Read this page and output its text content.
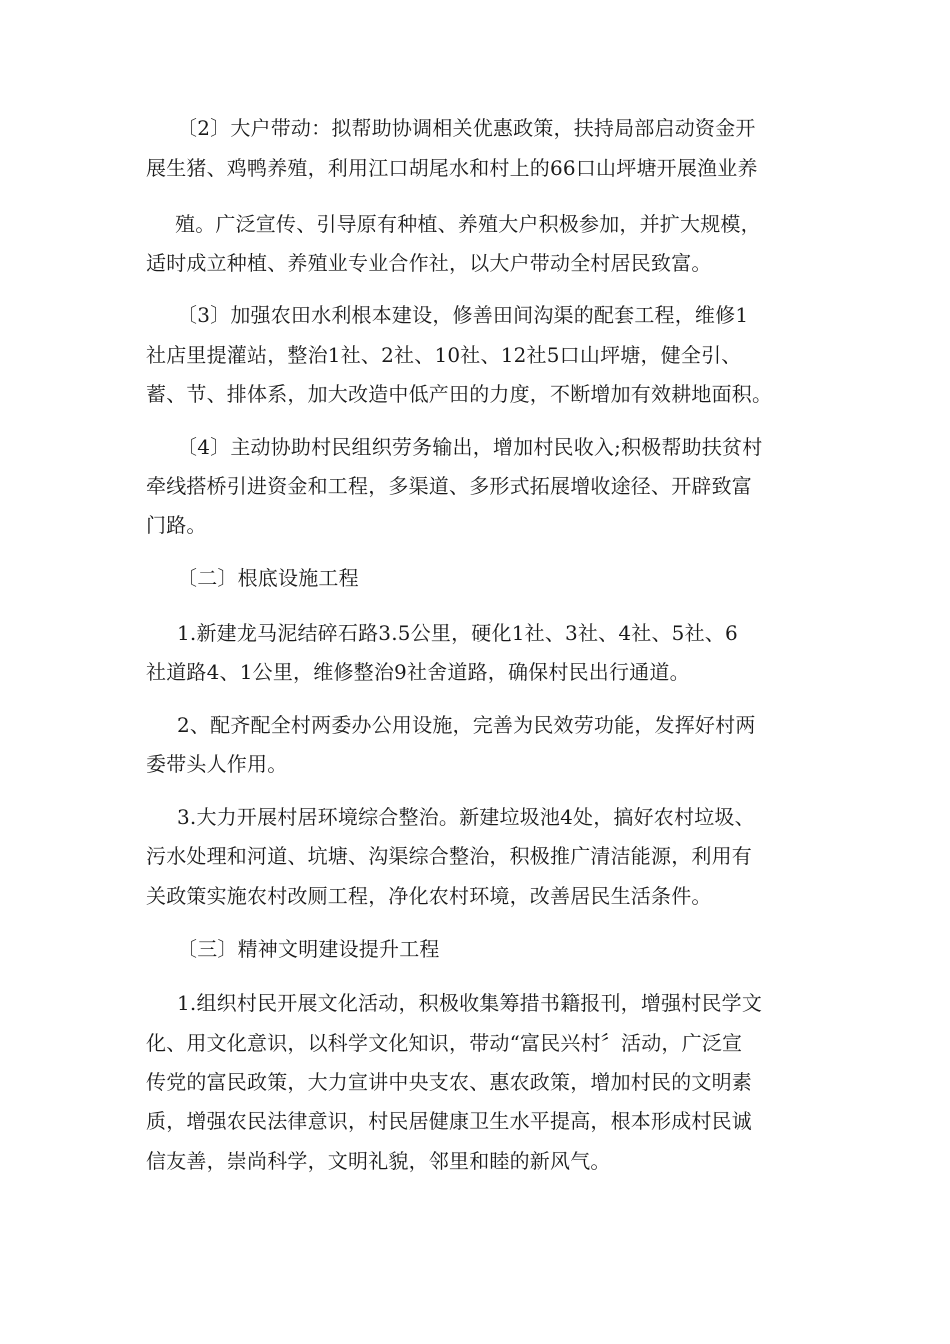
〔2〕大户带动：拟帮助协调相关优惠政策，扶持局部启动资金开
展生猪、鸡鸭养殖，利用江口胡尾水和村上的66口山坪塘开展渔业养
殖。广泛宣传、引导原有种植、养殖大户积极参加，并扩大规模，
适时成立种植、养殖业专业合作社，以大户带动全村居民致富。
〔3〕加强农田水利根本建设，修善田间沟渠的配套工程，维修1
社店里提灌站，整治1社、2社、10社、12社5口山坪塘，健全引、
蓄、节、排体系，加大改造中低产田的力度，不断增加有效耕地面积。
〔4〕主动协助村民组织劳务输出，增加村民收入;积极帮助扶贫村
牵线搭桥引进资金和工程，多渠道、多形式拓展增收途径、开辟致富
门路。
〔二〕根底设施工程
1.新建龙马泥结碎石路3.5公里，硬化1社、3社、4社、5社、6
社道路4、1公里，维修整治9社舍道路，确保村民出行通道。
2、配齐配全村两委办公用设施，完善为民效劳功能，发挥好村两
委带头人作用。
3.大力开展村居环境综合整治。新建垃圾池4处，搞好农村垃圾、
污水处理和河道、坑塘、沟渠综合整治，积极推广清洁能源，利用有
关政策实施农村改厕工程，净化农村环境，改善居民生活条件。
〔三〕精神文明建设提升工程
1.组织村民开展文化活动，积极收集筹措书籍报刊，增强村民学文
化、用文化意识，以科学文化知识，带动“富民兴村〞活动，广泛宣
传党的富民政策，大力宣讲中央支农、惠农政策，增加村民的文明素
质，增强农民法律意识，村民居健康卫生水平提高，根本形成村民诚
信友善，崇尚科学，文明礼貌，邻里和睦的新风气。
